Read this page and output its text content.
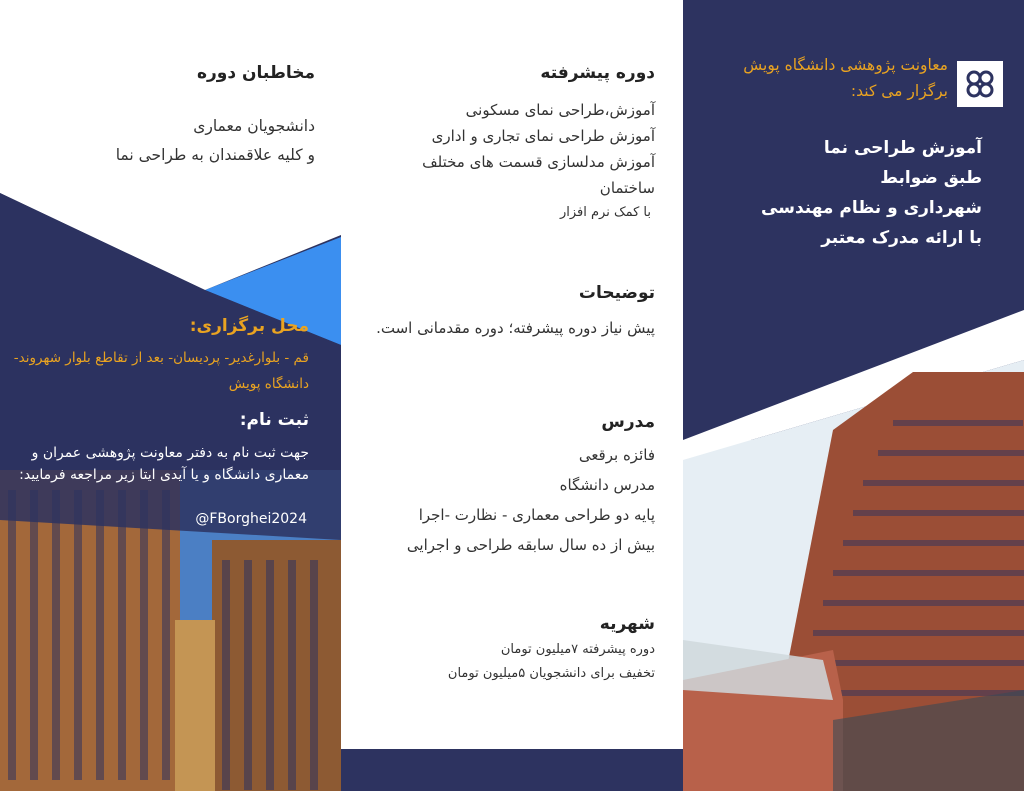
مخاطبان دوره
دانشجویان معماری
و کلیه علاقمندان به طراحی نما
محل برگزاری:
قم - بلوارغدیر- پردیسان- بعد از تقاطع بلوار شهروند- دانشگاه پویش
ثبت نام:
جهت ثبت نام به دفتر معاونت پژوهشی عمران و معماری دانشگاه و یا آیدی ایتا زیر مراجعه فرمایید:
@FBorghei2024
دوره پیشرفته
آموزش،طراحی نمای مسکونی
آموزش طراحی نمای تجاری و اداری
آموزش مدلسازی قسمت های مختلف ساختمان
با کمک نرم افزار
توضیحات
پیش نیاز دوره پیشرفته؛ دوره مقدمانی است.
مدرس
فائزه برقعی
مدرس دانشگاه
پایه دو طراحی معماری - نظارت -اجرا
بیش از ده سال سابقه طراحی و اجرایی
شهریه
دوره پیشرفته ۷میلیون تومان
تخفیف برای دانشجویان ۵میلیون تومان
معاونت پژوهشی دانشگاه پویش برگزار می کند:
آموزش طراحی نما
طبق ضوابط
شهرداری و نظام مهندسی
با ارائه مدرک معتبر
